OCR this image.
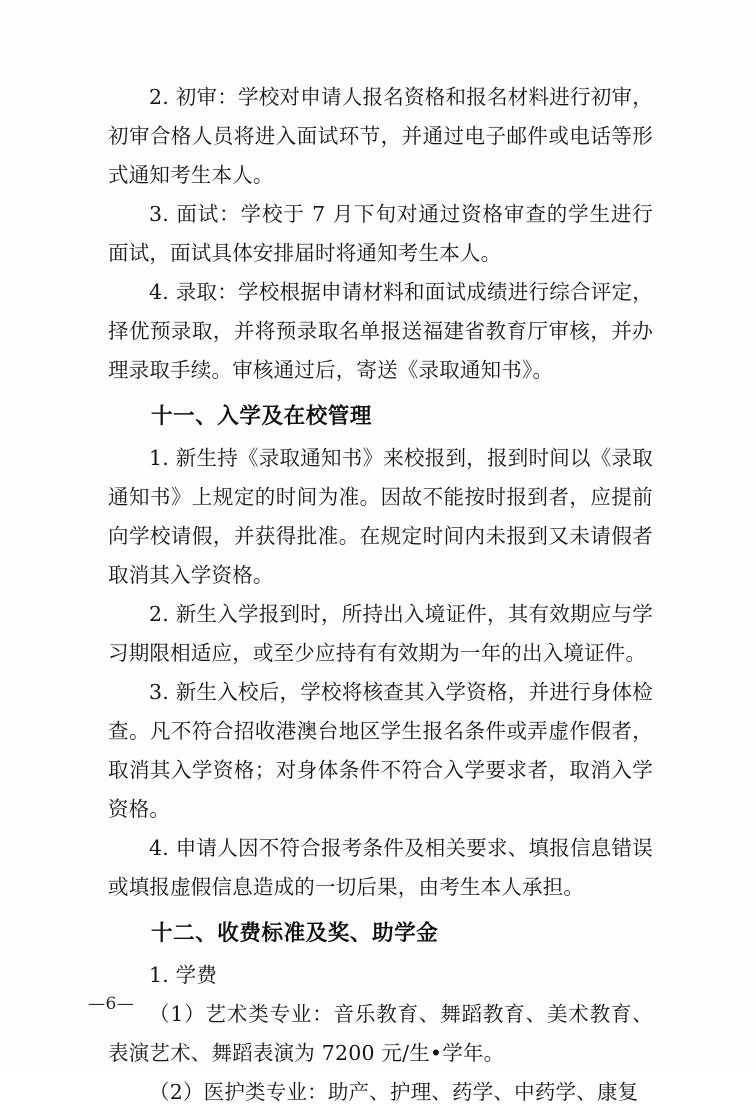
2. 初审：学校对申请人报名资格和报名材料进行初审，初审合格人员将进入面试环节，并通过电子邮件或电话等形式通知考生本人。

3. 面试：学校于 7 月下旬对通过资格审查的学生进行面试，面试具体安排届时将通知考生本人。

4. 录取：学校根据申请材料和面试成绩进行综合评定，择优预录取，并将预录取名单报送福建省教育厅审核，并办理录取手续。审核通过后，寄送《录取通知书》。

十一、入学及在校管理

1. 新生持《录取通知书》来校报到，报到时间以《录取通知书》上规定的时间为准。因故不能按时报到者，应提前向学校请假，并获得批准。在规定时间内未报到又未请假者取消其入学资格。

2. 新生入学报到时，所持出入境证件，其有效期应与学习期限相适应，或至少应持有有效期为一年的出入境证件。

3. 新生入校后，学校将核查其入学资格，并进行身体检查。凡不符合招收港澳台地区学生报名条件或弄虚作假者，取消其入学资格；对身体条件不符合入学要求者，取消入学资格。

4. 申请人因不符合报考条件及相关要求、填报信息错误或填报虚假信息造成的一切后果，由考生本人承担。

十二、收费标准及奖、助学金

1. 学费

（1）艺术类专业：音乐教育、舞蹈教育、美术教育、表演艺术、舞蹈表演为 7200 元/生•学年。

（2）医护类专业：助产、护理、药学、中药学、康复

—6—
